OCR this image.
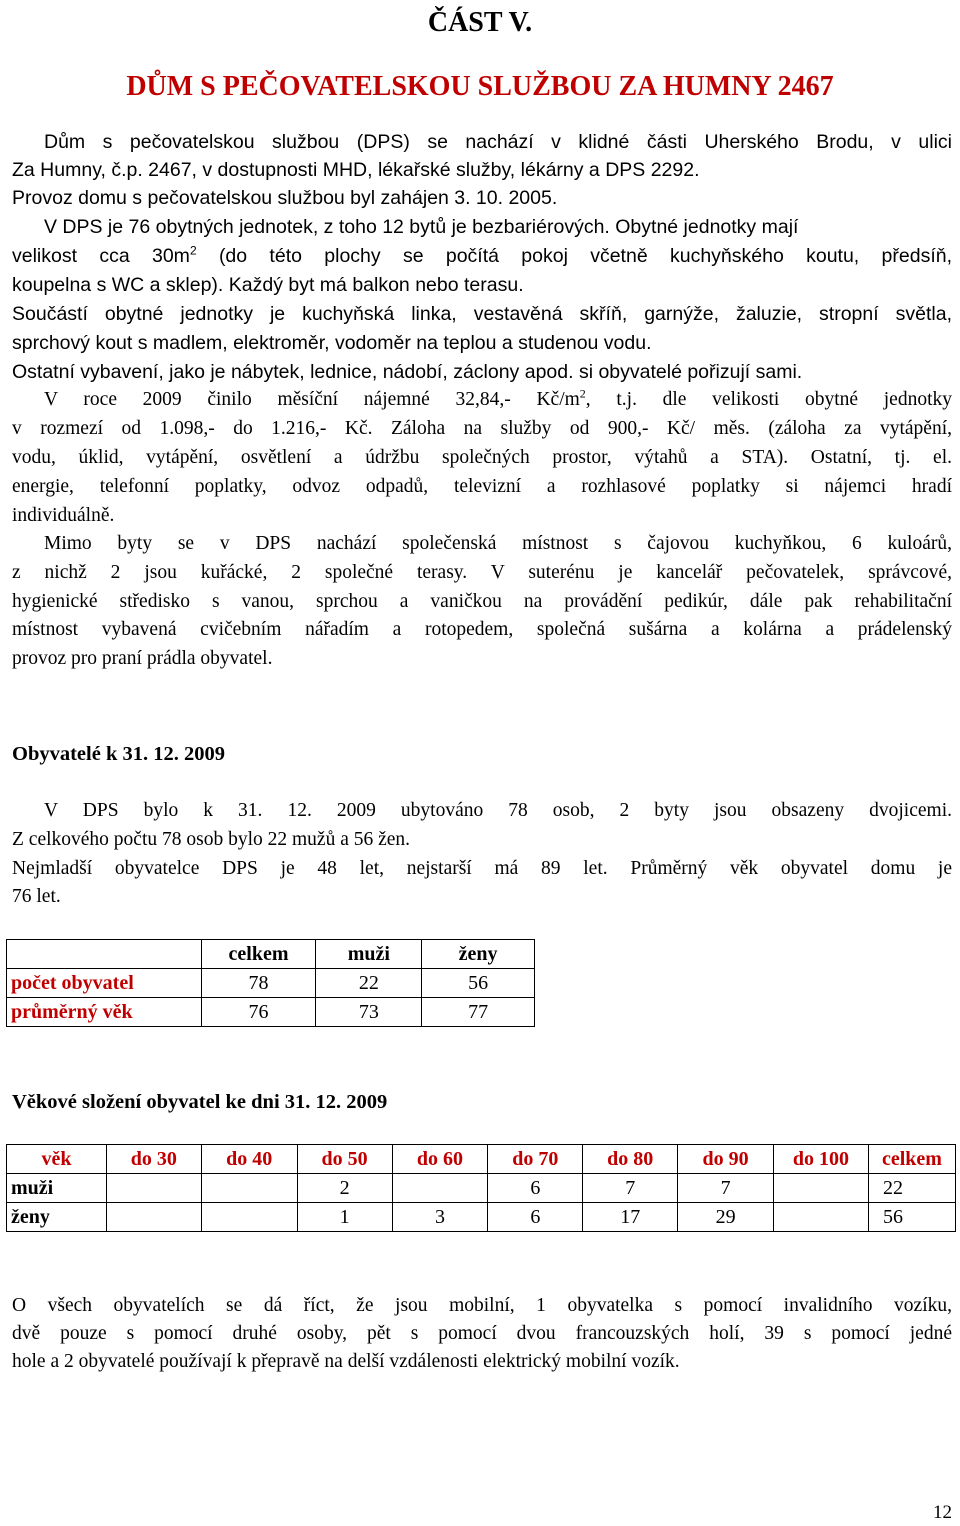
ČÁST V.
DŮM S PEČOVATELSKOU SLUŽBOU ZA HUMNY 2467
Dům s pečovatelskou službou (DPS) se nachází v klidné části Uherského Brodu, v ulici
Za Humny, č.p. 2467, v dostupnosti MHD, lékařské služby, lékárny a DPS 2292.
Provoz domu s pečovatelskou službou byl zahájen 3. 10. 2005.
V DPS je 76 obytných jednotek, z toho 12 bytů je bezbariérových. Obytné jednotky mají
velikost cca $30m^2$ (do této plochy se počítá pokoj včetně kuchyňského koutu, předsíň,
koupelna s WC a sklep). Každý byt má balkon nebo terasu.
Součástí obytné jednotky je kuchyňská linka, vestavěná skříň, garnýže, žaluzie, stropní světla,
sprchový kout s madlem, elektroměr, vodoměr na teplou a studenou vodu.
Ostatní vybavení, jako je nábytek, lednice, nádobí, záclony apod. si obyvatelé pořizují sami.
V roce 2009 činilo měsíční nájemné 32,84,- $Kč/m^2$, t.j. dle velikosti obytné jednotky
v rozmezí od 1.098,- do 1.216,- Kč. Záloha na služby od 900,- Kč/ měs. (záloha za vytápění,
vodu, úklid, vytápění, osvětlení a údržbu společných prostor, výtahů a STA). Ostatní, tj. el.
energie, telefonní poplatky, odvoz odpadů, televizní a rozhlasové poplatky si nájemci hradí
individuálně.
Mimo byty se v DPS nachází společenská místnost s čajovou kuchyňkou, 6 kuloárů,
z nichž 2 jsou kuřácké, 2 společné terasy. V suterénu je kancelář pečovatelek, správcové,
hygienické středisko s vanou, sprchou a vaničkou na provádění pedikúr, dále pak rehabilitační
místnost vybavená cvičebním nářadím a rotopedem, společná sušárna a kolárna a prádelenský
provoz pro praní prádla obyvatel.
Obyvatelé k 31. 12. 2009
V DPS bylo k 31. 12. 2009 ubytováno 78 osob, 2 byty jsou obsazeny dvojicemi.
Z celkového počtu 78 osob bylo 22 mužů a 56 žen.
Nejmladší obyvatelce DPS je 48 let, nejstarší má 89 let. Průměrný věk obyvatel domu je
76 let.
	celkem	muži	ženy
počet obyvatel	78	22	56
průměrný věk	76	73	77
Věkové složení obyvatel ke dni 31. 12. 2009
věk	do 30	do 40	do 50	do 60	do 70	do 80	do 90	do 100	celkem
muži			2		6	7	7		22
ženy			1	3	6	17	29		56
O všech obyvatelích se dá říct, že jsou mobilní, 1 obyvatelka s pomocí invalidního vozíku,
dvě pouze s pomocí druhé osoby, pět s pomocí dvou francouzských holí, 39 s pomocí jedné
hole a 2 obyvatelé používají k přepravě na delší vzdálenosti elektrický mobilní vozík.
12
